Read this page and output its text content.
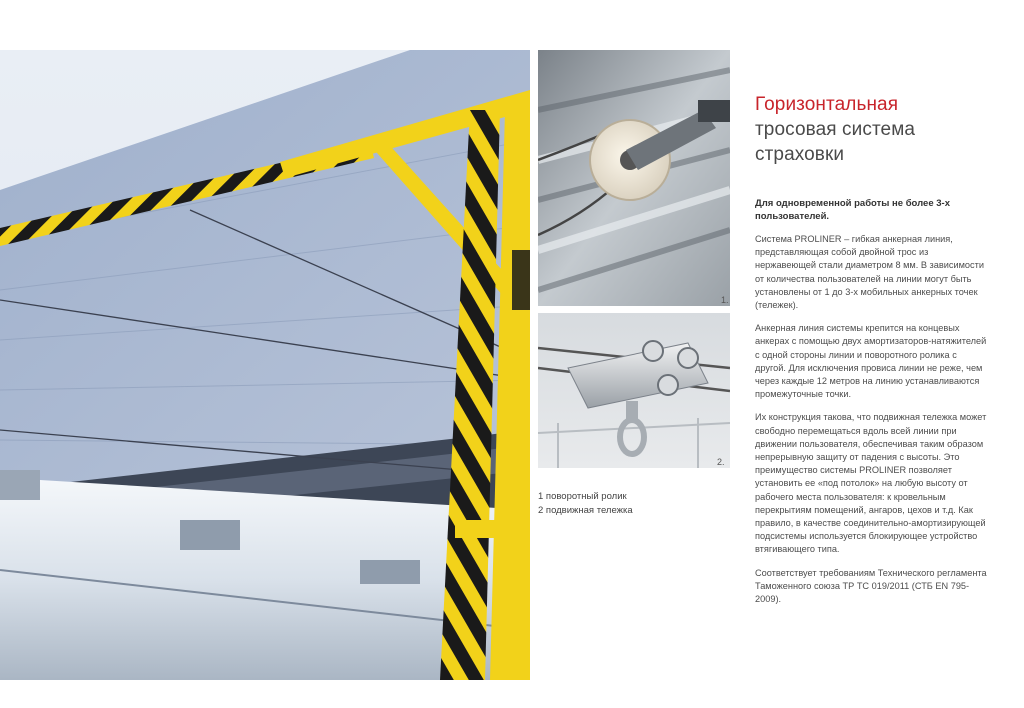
1.
2.
1 поворотный ролик
2 подвижная тележка
Горизонтальная
тросовая система
страховки
Для одновременной работы не более 3-х пользователей.
Система PROLINER – гибкая анкерная линия, представляющая собой двойной трос из нержавеющей стали диаметром 8 мм. В зависимости от количества пользователей на линии могут быть установлены от 1 до 3-х мобильных анкерных точек (тележек).
Анкерная линия системы крепится на концевых анкерах с помощью двух амортизаторов-натяжителей с одной стороны линии и поворотного ролика с другой. Для исключения провиса линии не реже, чем через каждые 12 метров на линию устанавливаются промежуточные точки.
Их конструкция такова, что подвижная тележка может свободно перемещаться вдоль всей линии при движении пользователя, обеспечивая таким образом непрерывную защиту от падения с высоты. Это преимущество системы PROLINER позволяет установить ее «под потолок» на любую высоту от рабочего места пользователя: к кровельным перекрытиям помещений, ангаров, цехов и т.д. Как правило, в качестве соединительно-амортизирующей подсистемы используется блокирующее устройство втягивающего типа.
Соответствует требованиям Технического регламента Таможенного союза ТР ТС 019/2011 (СТБ EN 795-2009).
